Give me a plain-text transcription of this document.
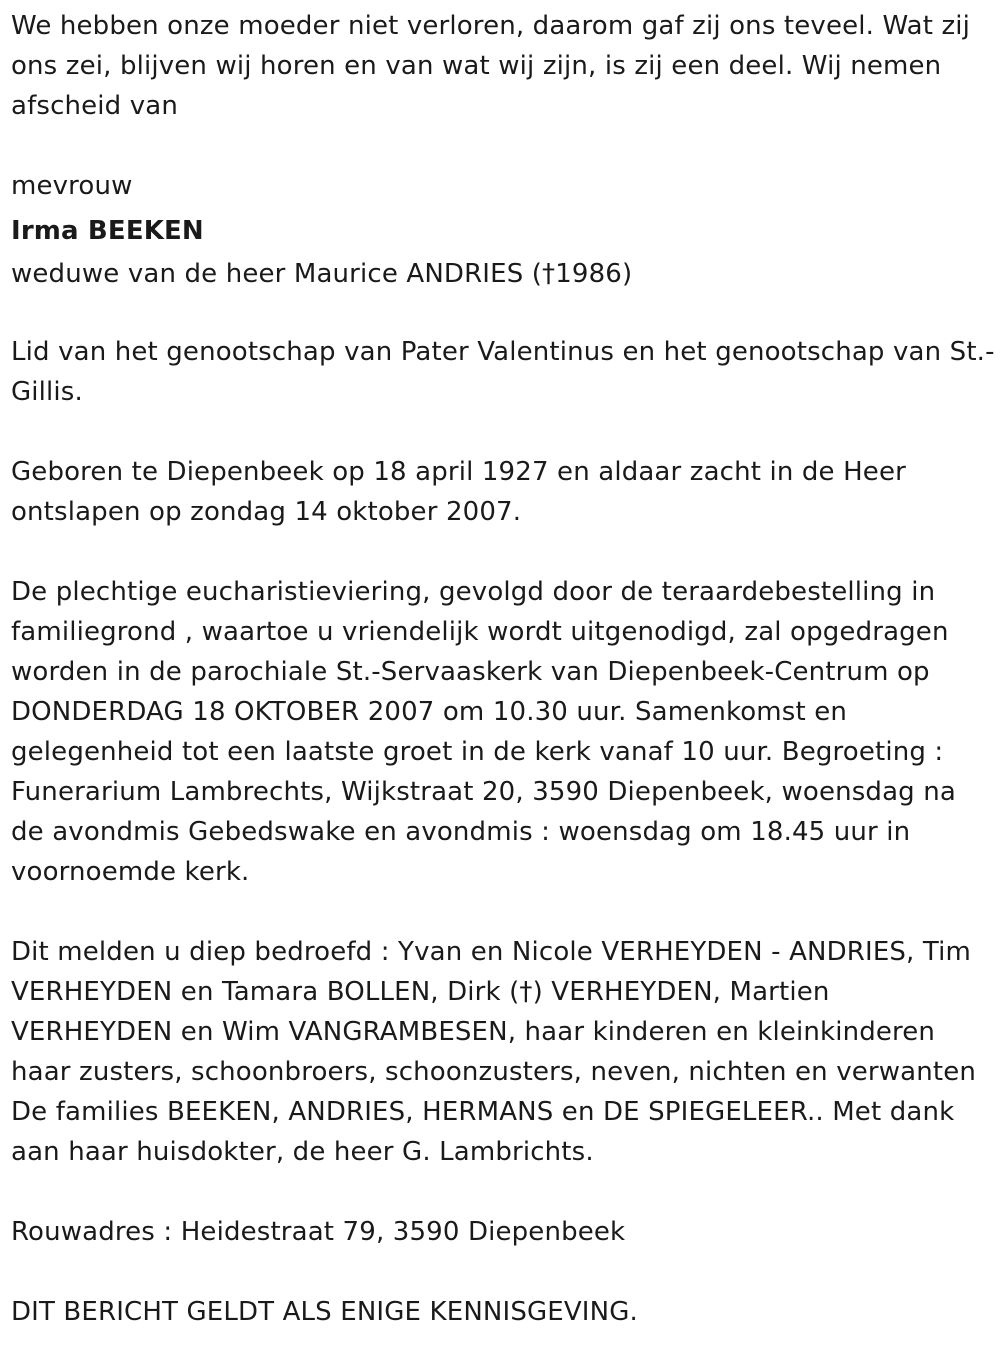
We hebben onze moeder niet verloren, daarom gaf zij ons teveel. Wat zij ons zei, blijven wij horen en van wat wij zijn, is zij een deel. Wij nemen afscheid van

mevrouw

Irma BEEKEN

weduwe van de heer Maurice ANDRIES (†1986)

Lid van het genootschap van Pater Valentinus en het genootschap van St.-Gillis.

Geboren te Diepenbeek op 18 april 1927 en aldaar zacht in de Heer ontslapen op zondag 14 oktober 2007.

De plechtige eucharistieviering, gevolgd door de teraardebestelling in familiegrond , waartoe u vriendelijk wordt uitgenodigd, zal opgedragen worden in de parochiale St.-Servaaskerk van Diepenbeek-Centrum op DONDERDAG 18 OKTOBER 2007 om 10.30 uur. Samenkomst en gelegenheid tot een laatste groet in de kerk vanaf 10 uur. Begroeting : Funerarium Lambrechts, Wijkstraat 20, 3590 Diepenbeek, woensdag na de avondmis Gebedswake en avondmis : woensdag om 18.45 uur in voornoemde kerk.

Dit melden u diep bedroefd : Yvan en Nicole VERHEYDEN - ANDRIES, Tim VERHEYDEN en Tamara BOLLEN, Dirk (†) VERHEYDEN, Martien VERHEYDEN en Wim VANGRAMBESEN, haar kinderen en kleinkinderen haar zusters, schoonbroers, schoonzusters, neven, nichten en verwanten De families BEEKEN, ANDRIES, HERMANS en DE SPIEGELEER.. Met dank aan haar huisdokter, de heer G. Lambrichts.

Rouwadres : Heidestraat 79, 3590 Diepenbeek

DIT BERICHT GELDT ALS ENIGE KENNISGEVING.
